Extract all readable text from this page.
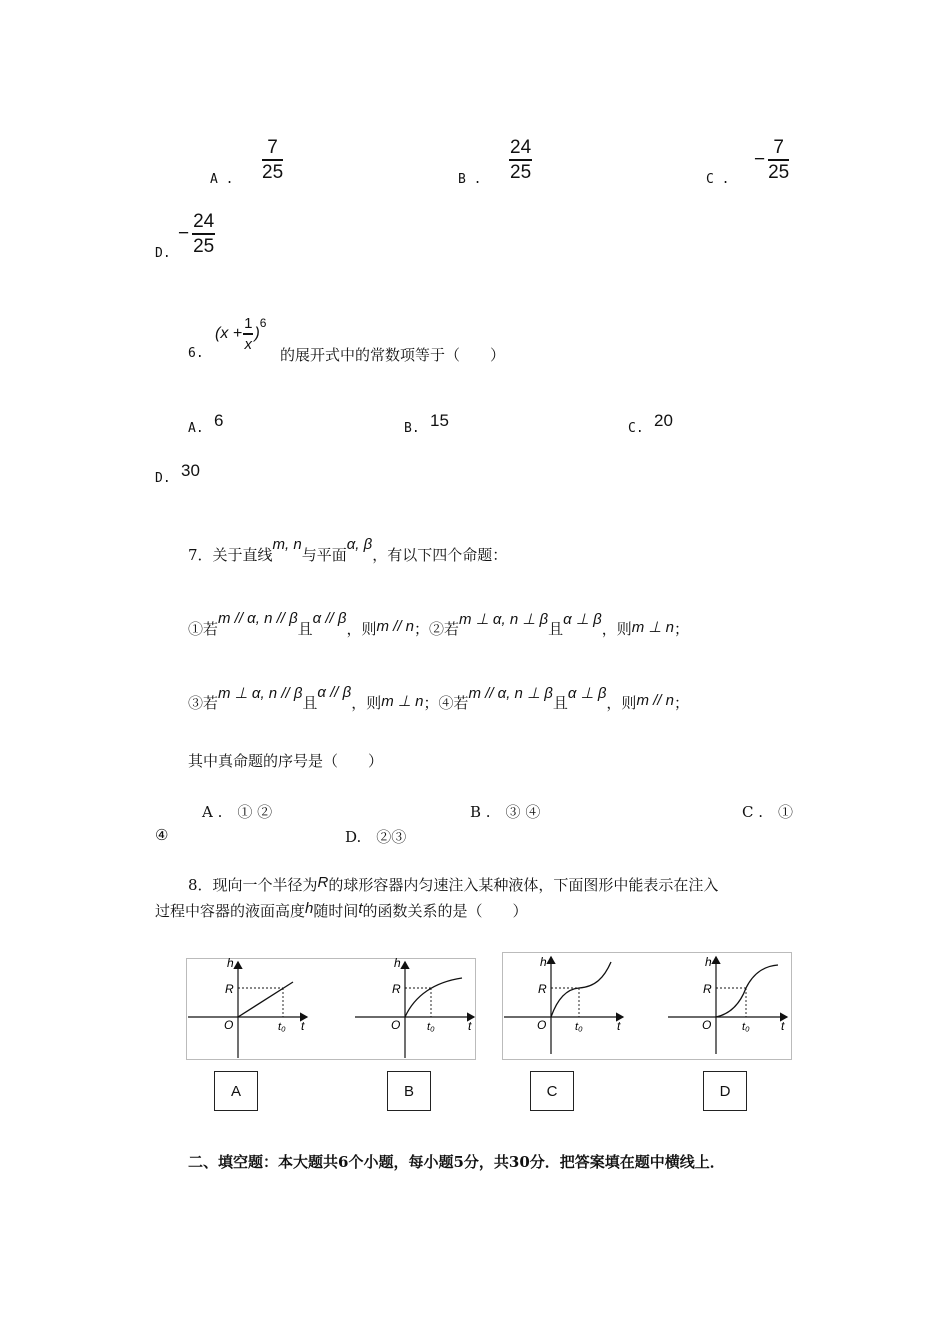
A .
7
25	B .
24
25	C .
− $\frac{7}{25}$
D.
− $\frac{24}{25}$
6.
($x + \frac{1}{x}$ )
$^6$
的展开式中的常数项等于（　　）
A. 6	B. 15	C. 20
D. 30
7．关于直线
m, n
与平面
α, β
，有以下四个命题：
①若
m // α, n // β
且
α // β
，则 m // n ； ②若
m ⊥ α, n ⊥ β
且
α ⊥ β
，则 m ⊥ n ；
③若
m ⊥ α, n // β
且
α // β
，则 m ⊥ n ； ④若
m // α, n ⊥ β
且
α ⊥ β
，则 m // n ；
其中真命题的序号是（　　）
A .　① ②	B .　③ ④	C .　①
④	D.　②③
8．现向一个半径为 R 的球形容器内匀速注入某种液体，下面图形中能表示在注入
过程中容器的液面高度 h 随时间 t 的函数关系的是（　　）
h
R
O	t₀ t
h
R
O t₀	t
h
R
O	t₀	t
h
R
O	t₀	t
A	B	C	D
二、填空题：本大题共6个小题，每小题5分，共30分．把答案填在题中横线上．
